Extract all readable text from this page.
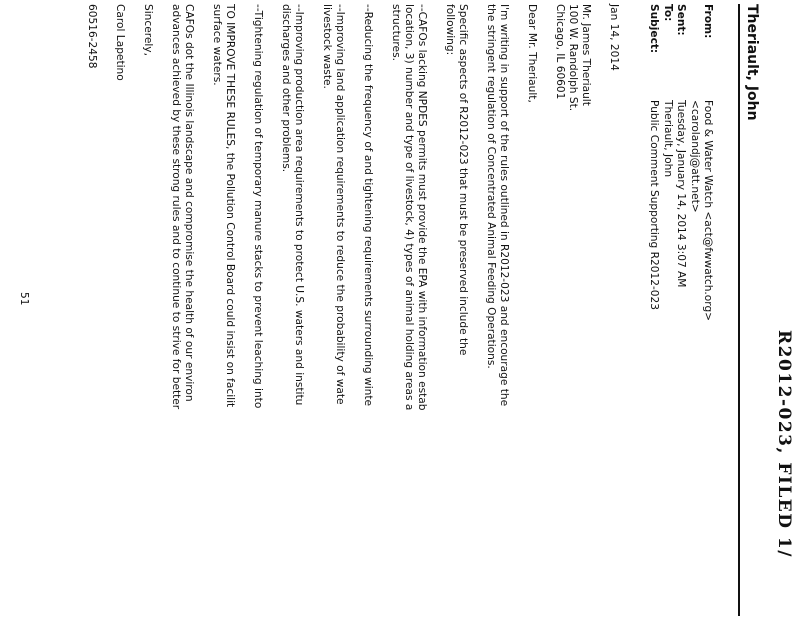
R2012-023, FILED 1/
Theriault, John
From:
Food & Water Watch <act@fwwatch.org>
<carolandj@att.net>
Sent:
Tuesday, January 14, 2014 3:07 AM
To:
Theriault, John
Subject:
Public Comment Supporting R2012-023
Jan 14, 2014
Mr. James Theriault
100 W. Randolph St.
Chicago, IL 60601
Dear Mr. Theriault,
I'm writing in support of the rules outlined in R2012-023 and encourage the
the stringent regulation of Concentrated Animal Feeding Operations.
Specific aspects of R2012-023 that must be preserved include the
following:
--CAFOs lacking NPDES permits must provide the EPA with information estab
location, 3) number and type of livestock, 4) types of animal holding areas a
structures.
--Reducing the frequency of and tightening requirements surrounding winte
--Improving land application requirements to reduce the probability of wate
livestock waste.
--Improving production area requirements to protect U.S. waters and institu
discharges and other problems.
--Tightening regulation of temporary manure stacks to prevent leaching into
TO IMPROVE THESE RULES, the Pollution Control Board could insist on facilit
surface waters.
CAFOs dot the Illinois landscape and compromise the health of our environ
advances achieved by these strong rules and to continue to strive for better
Sincerely,
Carol Lapetino
60516-2458
51
